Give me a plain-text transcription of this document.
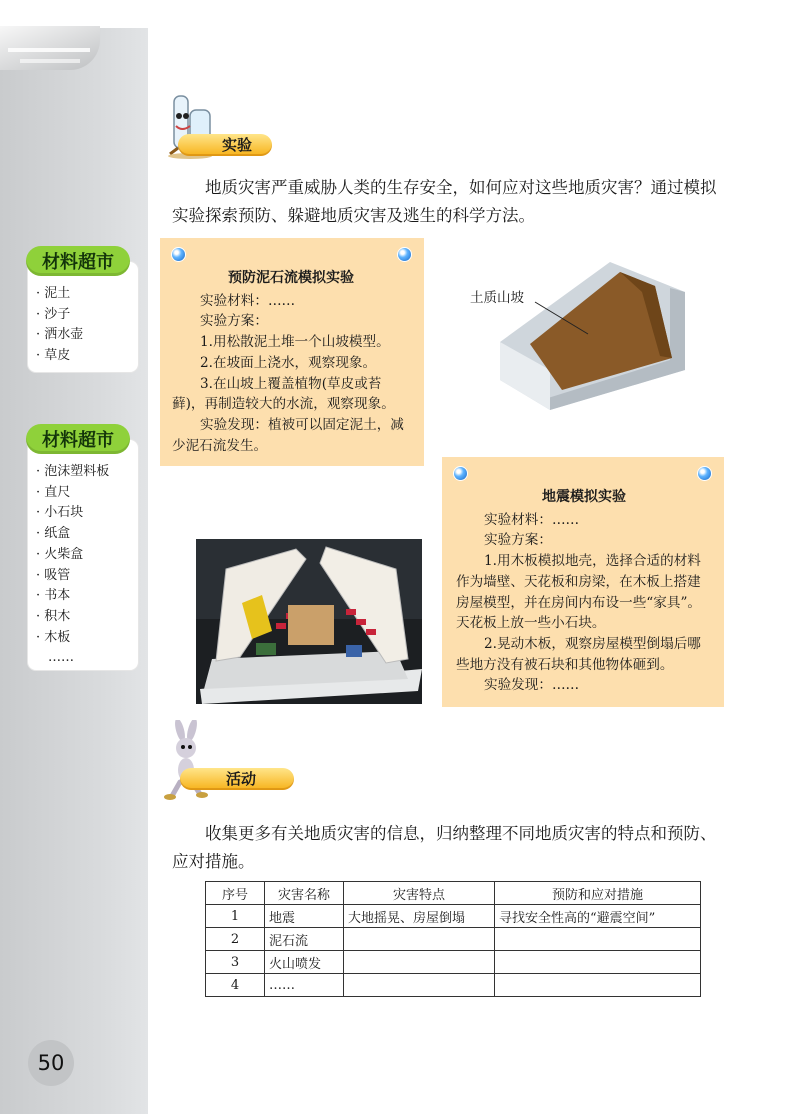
材料超市
· 泥土
· 沙子
· 洒水壶
· 草皮
材料超市
· 泡沫塑料板
· 直尺
· 小石块
· 纸盒
· 火柴盒
· 吸管
· 书本
· 积木
· 木板
……
50
实验

地质灾害严重威胁人类的生存安全，如何应对这些地质灾害？通过模拟实验探索预防、躲避地质灾害及逃生的科学方法。

预防泥石流模拟实验

实验材料：……

实验方案：

1.用松散泥土堆一个山坡模型。

2.在坡面上浇水，观察现象。

3.在山坡上覆盖植物(草皮或苔藓)，再制造较大的水流，观察现象。

实验发现：植被可以固定泥土，减少泥石流发生。

土质山坡
地震模拟实验

实验材料：……

实验方案：

1.用木板模拟地壳，选择合适的材料作为墙壁、天花板和房梁，在木板上搭建房屋模型，并在房间内布设一些“家具”。天花板上放一些小石块。

2.晃动木板，观察房屋模型倒塌后哪些地方没有被石块和其他物体砸到。

实验发现：……

活动

收集更多有关地质灾害的信息，归纳整理不同地质灾害的特点和预防、应对措施。

序号	灾害名称	灾害特点	预防和应对措施
1	地震	大地摇晃、房屋倒塌	寻找安全性高的“避震空间”
2	泥石流		
3	火山喷发		
4	……		
